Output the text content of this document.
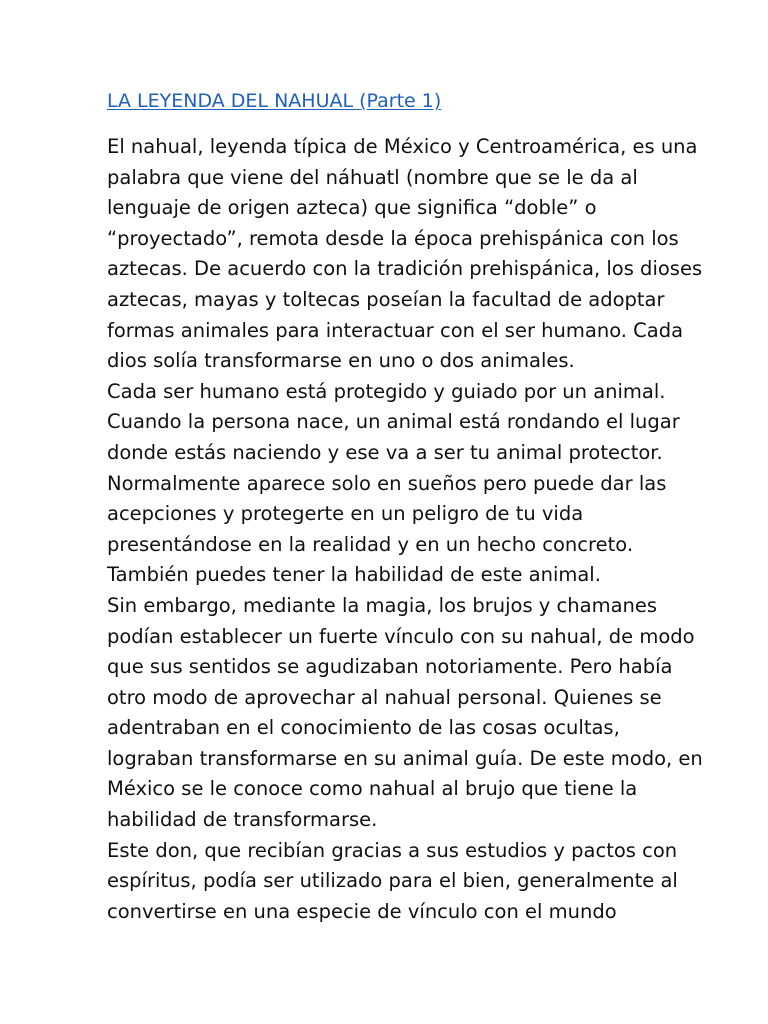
LA LEYENDA DEL NAHUAL (Parte 1)
El nahual, leyenda típica de México y Centroamérica, es una
palabra que viene del náhuatl (nombre que se le da al
lenguaje de origen azteca) que significa “doble” o
“proyectado”, remota desde la época prehispánica con los
aztecas. De acuerdo con la tradición prehispánica, los dioses
aztecas, mayas y toltecas poseían la facultad de adoptar
formas animales para interactuar con el ser humano. Cada
dios solía transformarse en uno o dos animales.
Cada ser humano está protegido y guiado por un animal.
Cuando la persona nace, un animal está rondando el lugar
donde estás naciendo y ese va a ser tu animal protector.
Normalmente aparece solo en sueños pero puede dar las
acepciones y protegerte en un peligro de tu vida
presentándose en la realidad y en un hecho concreto.
También puedes tener la habilidad de este animal.
Sin embargo, mediante la magia, los brujos y chamanes
podían establecer un fuerte vínculo con su nahual, de modo
que sus sentidos se agudizaban notoriamente. Pero había
otro modo de aprovechar al nahual personal. Quienes se
adentraban en el conocimiento de las cosas ocultas,
lograban transformarse en su animal guía. De este modo, en
México se le conoce como nahual al brujo que tiene la
habilidad de transformarse.
Este don, que recibían gracias a sus estudios y pactos con
espíritus, podía ser utilizado para el bien, generalmente al
convertirse en una especie de vínculo con el mundo
